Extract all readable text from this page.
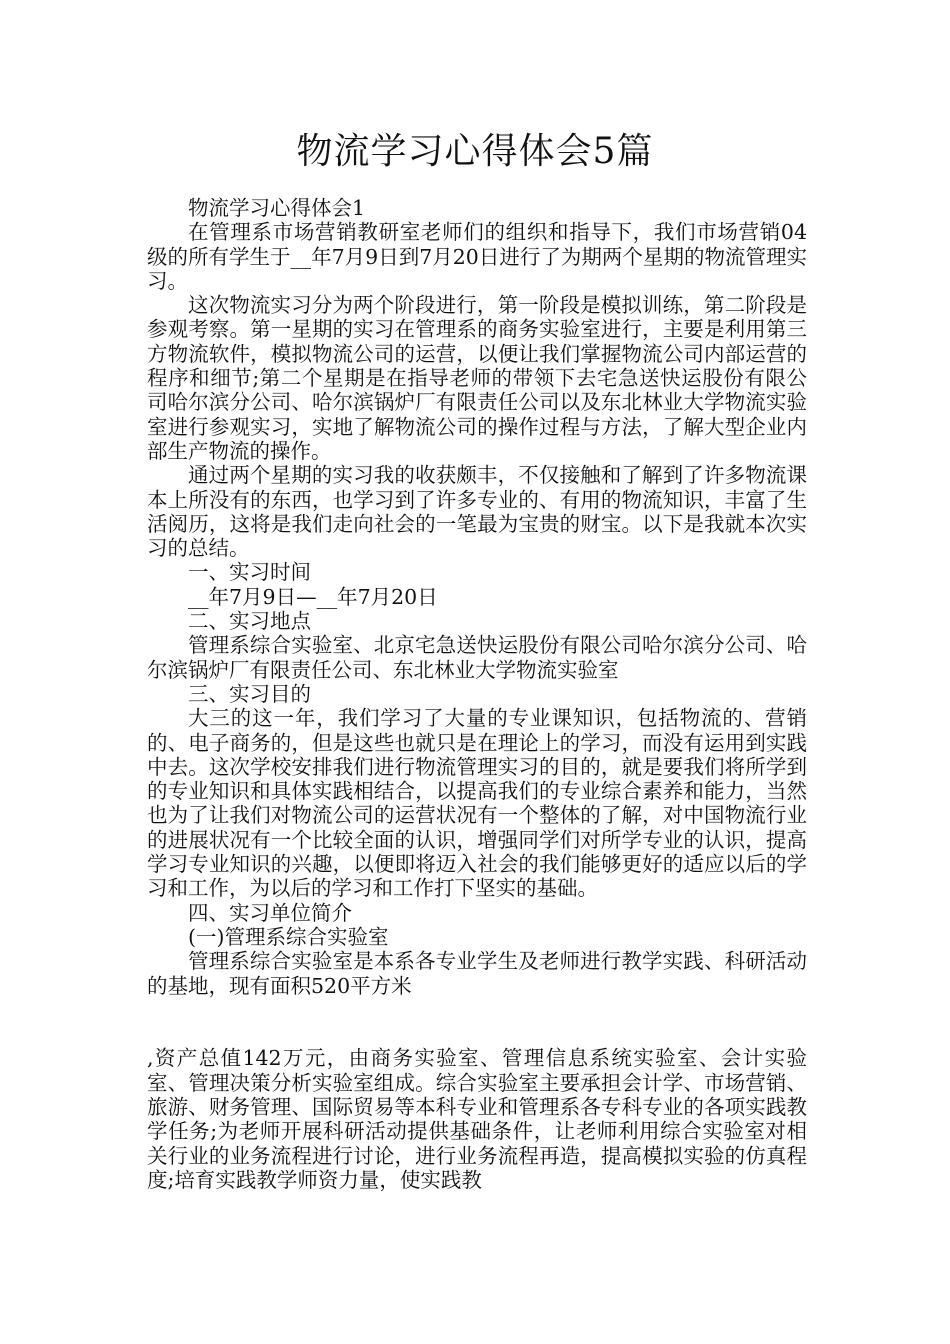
物流学习心得体会5篇

物流学习心得体会1

在管理系市场营销教研室老师们的组织和指导下，我们市场营销04级的所有学生于__年7月9日到7月20日进行了为期两个星期的物流管理实习。

这次物流实习分为两个阶段进行，第一阶段是模拟训练，第二阶段是参观考察。第一星期的实习在管理系的商务实验室进行，主要是利用第三方物流软件，模拟物流公司的运营，以便让我们掌握物流公司内部运营的程序和细节;第二个星期是在指导老师的带领下去宅急送快运股份有限公司哈尔滨分公司、哈尔滨锅炉厂有限责任公司以及东北林业大学物流实验室进行参观实习，实地了解物流公司的操作过程与方法，了解大型企业内部生产物流的操作。

通过两个星期的实习我的收获颇丰，不仅接触和了解到了许多物流课本上所没有的东西，也学习到了许多专业的、有用的物流知识，丰富了生活阅历，这将是我们走向社会的一笔最为宝贵的财宝。以下是我就本次实习的总结。

一、实习时间

__年7月9日—__年7月20日

二、实习地点

管理系综合实验室、北京宅急送快运股份有限公司哈尔滨分公司、哈尔滨锅炉厂有限责任公司、东北林业大学物流实验室

三、实习目的

大三的这一年，我们学习了大量的专业课知识，包括物流的、营销的、电子商务的，但是这些也就只是在理论上的学习，而没有运用到实践中去。这次学校安排我们进行物流管理实习的目的，就是要我们将所学到的专业知识和具体实践相结合，以提高我们的专业综合素养和能力，当然也为了让我们对物流公司的运营状况有一个整体的了解，对中国物流行业的进展状况有一个比较全面的认识，增强同学们对所学专业的认识，提高学习专业知识的兴趣，以便即将迈入社会的我们能够更好的适应以后的学习和工作，为以后的学习和工作打下坚实的基础。

四、实习单位简介

(一)管理系综合实验室

管理系综合实验室是本系各专业学生及老师进行教学实践、科研活动的基地，现有面积520平方米

,资产总值142万元，由商务实验室、管理信息系统实验室、会计实验室、管理决策分析实验室组成。综合实验室主要承担会计学、市场营销、旅游、财务管理、国际贸易等本科专业和管理系各专科专业的各项实践教学任务;为老师开展科研活动提供基础条件，让老师利用综合实验室对相关行业的业务流程进行讨论，进行业务流程再造，提高模拟实验的仿真程度;培育实践教学师资力量，使实践教
